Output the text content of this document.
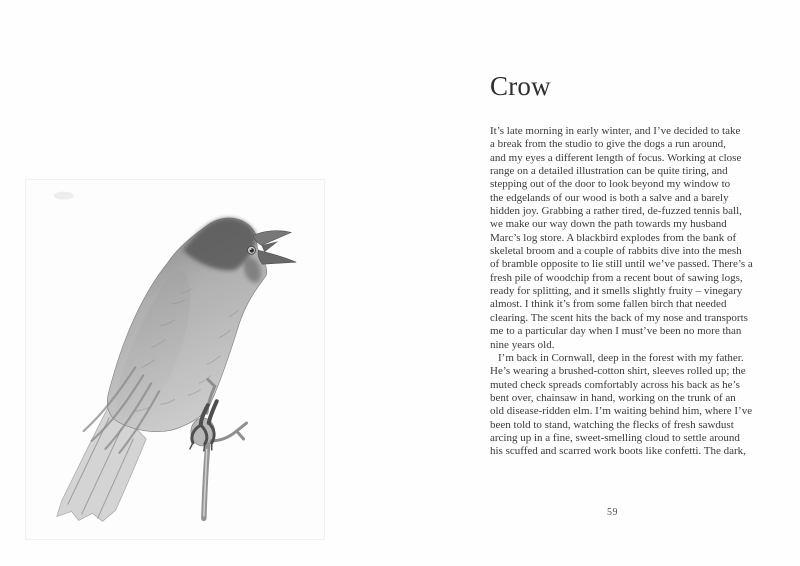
Crow
It’s late morning in early winter, and I’ve decided to take
a break from the studio to give the dogs a run around,
and my eyes a different length of focus. Working at close
range on a detailed illustration can be quite tiring, and
stepping out of the door to look beyond my window to
the edgelands of our wood is both a salve and a barely
hidden joy. Grabbing a rather tired, de-fuzzed tennis ball,
we make our way down the path towards my husband
Marc’s log store. A blackbird explodes from the bank of
skeletal broom and a couple of rabbits dive into the mesh
of bramble opposite to lie still until we’ve passed. There’s a
fresh pile of woodchip from a recent bout of sawing logs,
ready for splitting, and it smells slightly fruity – vinegary
almost. I think it’s from some fallen birch that needed
clearing. The scent hits the back of my nose and transports
me to a particular day when I must’ve been no more than
nine years old.
I’m back in Cornwall, deep in the forest with my father.
He’s wearing a brushed-cotton shirt, sleeves rolled up; the
muted check spreads comfortably across his back as he’s
bent over, chainsaw in hand, working on the trunk of an
old disease-ridden elm. I’m waiting behind him, where I’ve
been told to stand, watching the flecks of fresh sawdust
arcing up in a fine, sweet-smelling cloud to settle around
his scuffed and scarred work boots like confetti. The dark,
59
